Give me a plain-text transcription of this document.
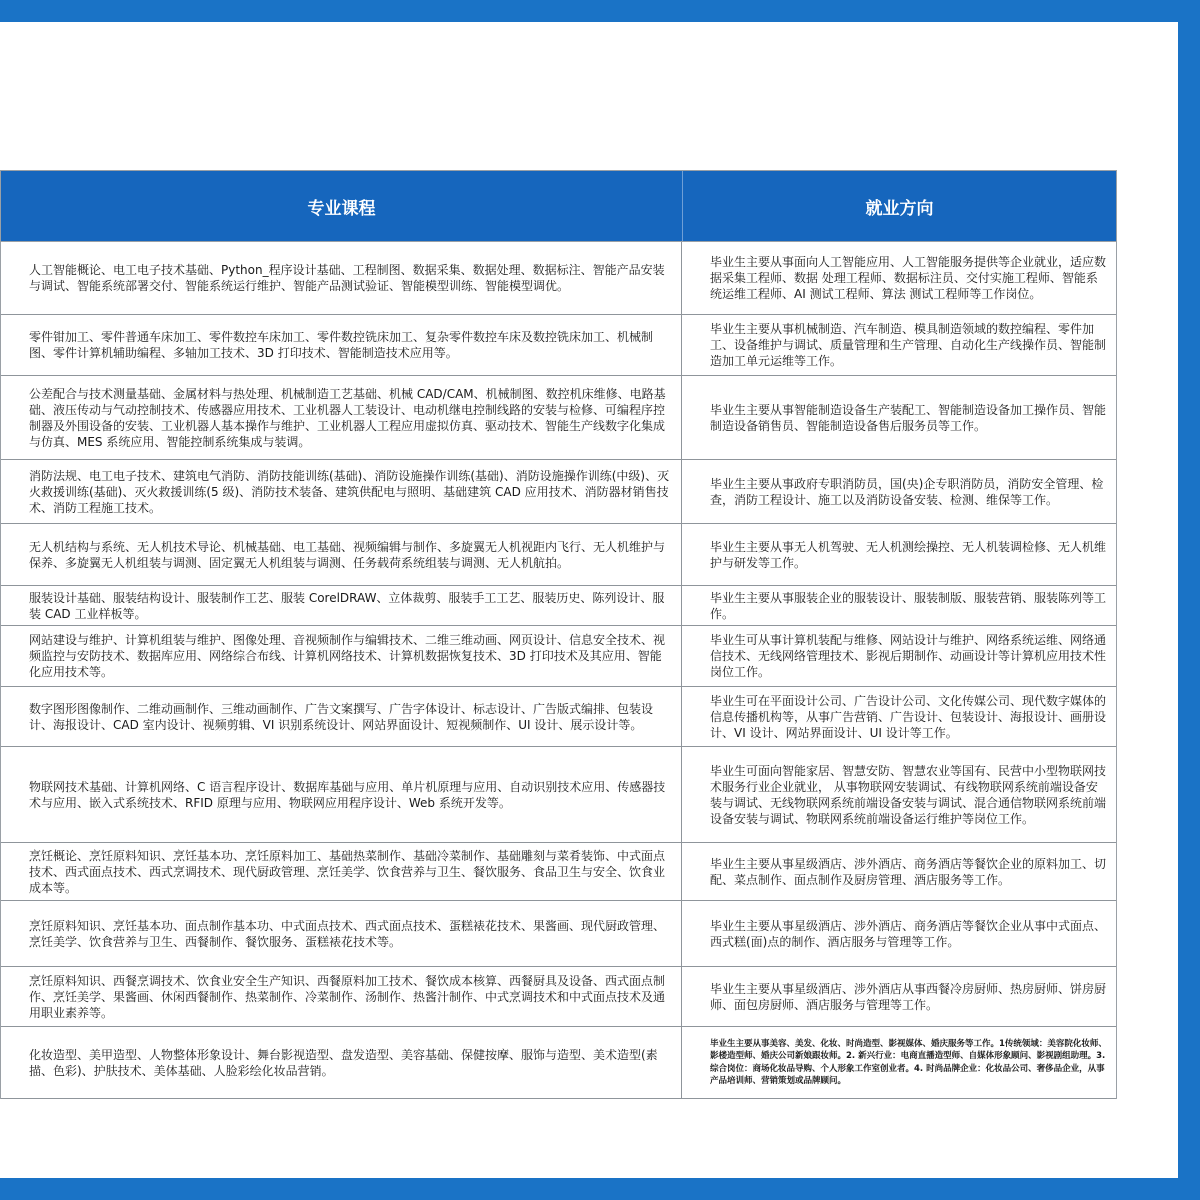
专业课程	就业方向
人工智能概论、电工电子技术基础、Python_程序设计基础、工程制图、数据采集、数据处理、数据标注、智能产品安装与调试、智能系统部署交付、智能系统运行维护、智能产品测试验证、智能模型训练、智能模型调优。
毕业生主要从事面向人工智能应用、人工智能服务提供等企业就业，适应数据采集工程师、数据 处理工程师、数据标注员、交付实施工程师、智能系统运维工程师、AI 测试工程师、算法 测试工程师等工作岗位。
零件钳加工、零件普通车床加工、零件数控车床加工、零件数控铣床加工、复杂零件数控车床及数控铣床加工、机械制图、零件计算机辅助编程、多轴加工技术、3D 打印技术、智能制造技术应用等。
毕业生主要从事机械制造、汽车制造、模具制造领域的数控编程、零件加工、设备维护与调试、质量管理和生产管理、自动化生产线操作员、智能制造加工单元运维等工作。
公差配合与技术测量基础、金属材料与热处理、机械制造工艺基础、机械 CAD/CAM、机械制图、数控机床维修、电路基础、液压传动与气动控制技术、传感器应用技术、工业机器人工装设计、电动机继电控制线路的安装与检修、可编程序控制器及外围设备的安装、工业机器人基本操作与维护、工业机器人工程应用虚拟仿真、驱动技术、智能生产线数字化集成与仿真、MES 系统应用、智能控制系统集成与装调。
毕业生主要从事智能制造设备生产装配工、智能制造设备加工操作员、智能制造设备销售员、智能制造设备售后服务员等工作。
消防法规、电工电子技术、建筑电气消防、消防技能训练(基础)、消防设施操作训练(基础)、消防设施操作训练(中级)、灭火救援训练(基础)、灭火救援训练(5 级)、消防技术装备、建筑供配电与照明、基础建筑 CAD 应用技术、消防器材销售技术、消防工程施工技术。
毕业生主要从事政府专职消防员，国(央)企专职消防员，消防安全管理、检查，消防工程设计、施工以及消防设备安装、检测、维保等工作。
无人机结构与系统、无人机技术导论、机械基础、电工基础、视频编辑与制作、多旋翼无人机视距内飞行、无人机维护与保养、多旋翼无人机组装与调测、固定翼无人机组装与调测、任务载荷系统组装与调测、无人机航拍。
毕业生主要从事无人机驾驶、无人机测绘操控、无人机装调检修、无人机维护与研发等工作。
服装设计基础、服装结构设计、服装制作工艺、服装 CorelDRAW、立体裁剪、服装手工工艺、服装历史、陈列设计、服装 CAD 工业样板等。
毕业生主要从事服装企业的服装设计、服装制版、服装营销、服装陈列等工作。
网站建设与维护、计算机组装与维护、图像处理、音视频制作与编辑技术、二维三维动画、网页设计、信息安全技术、视频监控与安防技术、数据库应用、网络综合布线、计算机网络技术、计算机数据恢复技术、3D 打印技术及其应用、智能化应用技术等。
毕业生可从事计算机装配与维修、网站设计与维护、网络系统运维、网络通信技术、无线网络管理技术、影视后期制作、动画设计等计算机应用技术性岗位工作。
数字图形图像制作、二维动画制作、三维动画制作、广告文案撰写、广告字体设计、标志设计、广告版式编排、包装设计、海报设计、CAD 室内设计、视频剪辑、VI 识别系统设计、网站界面设计、短视频制作、UI 设计、展示设计等。
毕业生可在平面设计公司、广告设计公司、文化传媒公司、现代数字媒体的信息传播机构等，从事广告营销、广告设计、包装设计、海报设计、画册设计、VI 设计、网站界面设计、UI 设计等工作。
物联网技术基础、计算机网络、C 语言程序设计、数据库基础与应用、单片机原理与应用、自动识别技术应用、传感器技术与应用、嵌入式系统技术、RFID 原理与应用、物联网应用程序设计、Web 系统开发等。
毕业生可面向智能家居、智慧安防、智慧农业等国有、民营中小型物联网技术服务行业企业就业， 从事物联网安装调试、有线物联网系统前端设备安装与调试、无线物联网系统前端设备安装与调试、混合通信物联网系统前端设备安装与调试、物联网系统前端设备运行维护等岗位工作。
烹饪概论、烹饪原料知识、烹饪基本功、烹饪原料加工、基础热菜制作、基础冷菜制作、基础雕刻与菜肴装饰、中式面点技术、西式面点技术、西式烹调技术、现代厨政管理、烹饪美学、饮食营养与卫生、餐饮服务、食品卫生与安全、饮食业成本等。
毕业生主要从事星级酒店、涉外酒店、商务酒店等餐饮企业的原料加工、切配、菜点制作、面点制作及厨房管理、酒店服务等工作。
烹饪原料知识、烹饪基本功、面点制作基本功、中式面点技术、西式面点技术、蛋糕裱花技术、果酱画、现代厨政管理、烹饪美学、饮食营养与卫生、西餐制作、餐饮服务、蛋糕裱花技术等。
毕业生主要从事星级酒店、涉外酒店、商务酒店等餐饮企业从事中式面点、西式糕(面)点的制作、酒店服务与管理等工作。
烹饪原料知识、西餐烹调技术、饮食业安全生产知识、西餐原料加工技术、餐饮成本核算、西餐厨具及设备、西式面点制作、烹饪美学、果酱画、休闲西餐制作、热菜制作、冷菜制作、汤制作、热酱汁制作、中式烹调技术和中式面点技术及通用职业素养等。
毕业生主要从事星级酒店、涉外酒店从事西餐冷房厨师、热房厨师、饼房厨师、面包房厨师、酒店服务与管理等工作。
化妆造型、美甲造型、人物整体形象设计、舞台影视造型、盘发造型、美容基础、保健按摩、服饰与造型、美术造型(素描、色彩)、护肤技术、美体基础、人脸彩绘化妆品营销。
毕业生主要从事美容、美发、化妆、时尚造型、影视媒体、婚庆服务等工作。1传统领域：美容院化妆师、影楼造型师、婚庆公司新娘跟妆师。2. 新兴行业：电商直播造型师、自媒体形象顾问、影视剧组助理。3. 综合岗位：商场化妆品导购、个人形象工作室创业者。4. 时尚品牌企业：化妆品公司、奢侈品企业，从事产品培训师、营销策划或品牌顾问。
